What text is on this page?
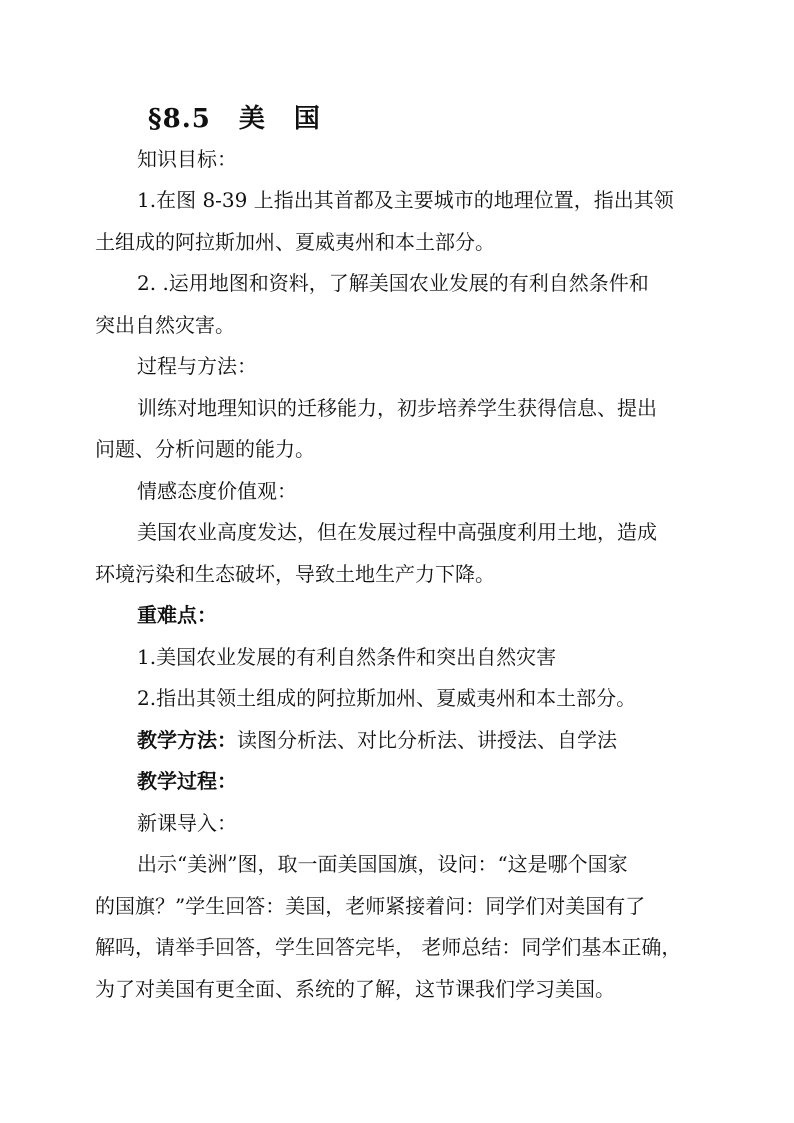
§8.5 美 国
知识目标：
1.在图 8-39 上指出其首都及主要城市的地理位置，指出其领
土组成的阿拉斯加州、夏威夷州和本土部分。
2. .运用地图和资料，了解美国农业发展的有利自然条件和
突出自然灾害。
过程与方法：
训练对地理知识的迁移能力，初步培养学生获得信息、提出
问题、分析问题的能力。
情感态度价值观：
美国农业高度发达，但在发展过程中高强度利用土地，造成
环境污染和生态破坏，导致土地生产力下降。
重难点：
1.美国农业发展的有利自然条件和突出自然灾害
2.指出其领土组成的阿拉斯加州、夏威夷州和本土部分。
教学方法：读图分析法、对比分析法、讲授法、自学法
教学过程：
新课导入：
出示“美洲”图，取一面美国国旗，设问：“这是哪个国家
的国旗？”学生回答：美国，老师紧接着问：同学们对美国有了
解吗，请举手回答，学生回答完毕， 老师总结：同学们基本正确，
为了对美国有更全面、系统的了解，这节课我们学习美国。
